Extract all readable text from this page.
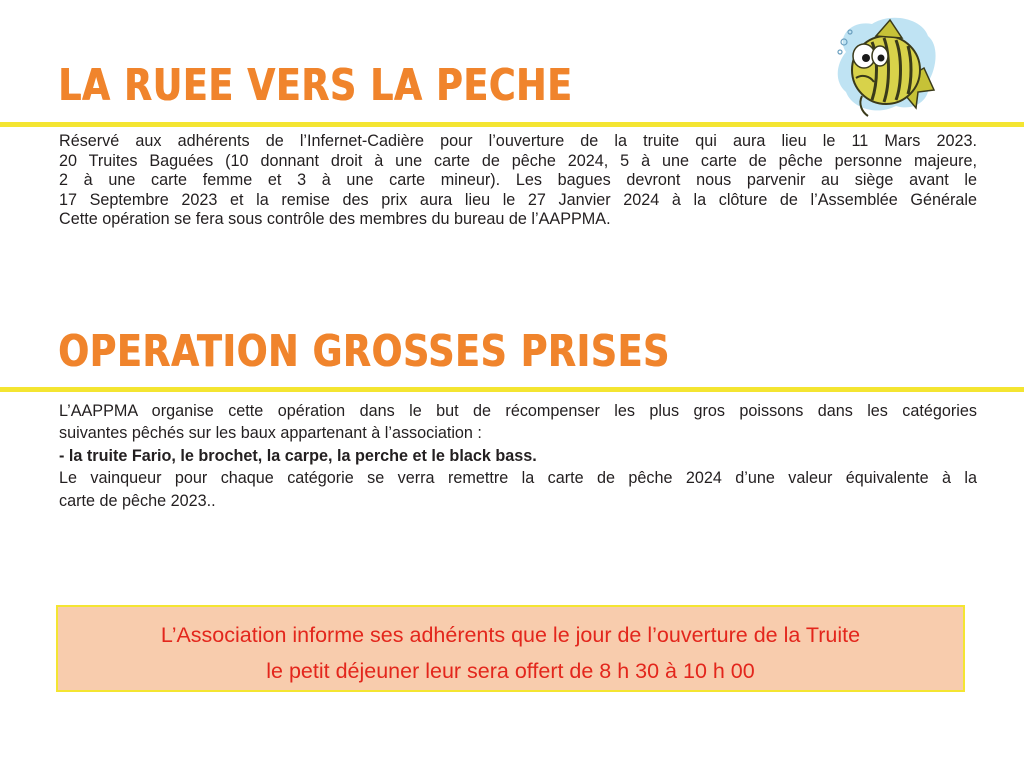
LA RUEE VERS LA PECHE
Réservé aux adhérents de l’Infernet-Cadière pour l’ouverture de la truite qui aura lieu le 11 Mars 2023.
20 Truites Baguées (10 donnant droit à une carte de pêche 2024, 5 à une carte de pêche personne majeure,
2 à une carte femme et 3 à une carte mineur). Les bagues devront nous parvenir au siège avant le
17 Septembre 2023 et la remise des prix aura lieu le 27 Janvier 2024 à la clôture de l’Assemblée Générale
Cette opération se fera sous contrôle des membres du bureau de l’AAPPMA.
OPERATION GROSSES PRISES
L’AAPPMA organise cette opération dans le but de récompenser les plus gros poissons dans les catégories
suivantes pêchés sur les baux appartenant à l’association :
- la truite Fario, le brochet, la carpe, la perche et le black bass.
Le vainqueur pour chaque catégorie se verra remettre la carte de pêche 2024 d’une valeur équivalente à la
carte de pêche 2023..
L’Association informe ses adhérents que le jour de l’ouverture de la Truite
le petit déjeuner leur sera offert de 8 h 30 à 10 h 00
